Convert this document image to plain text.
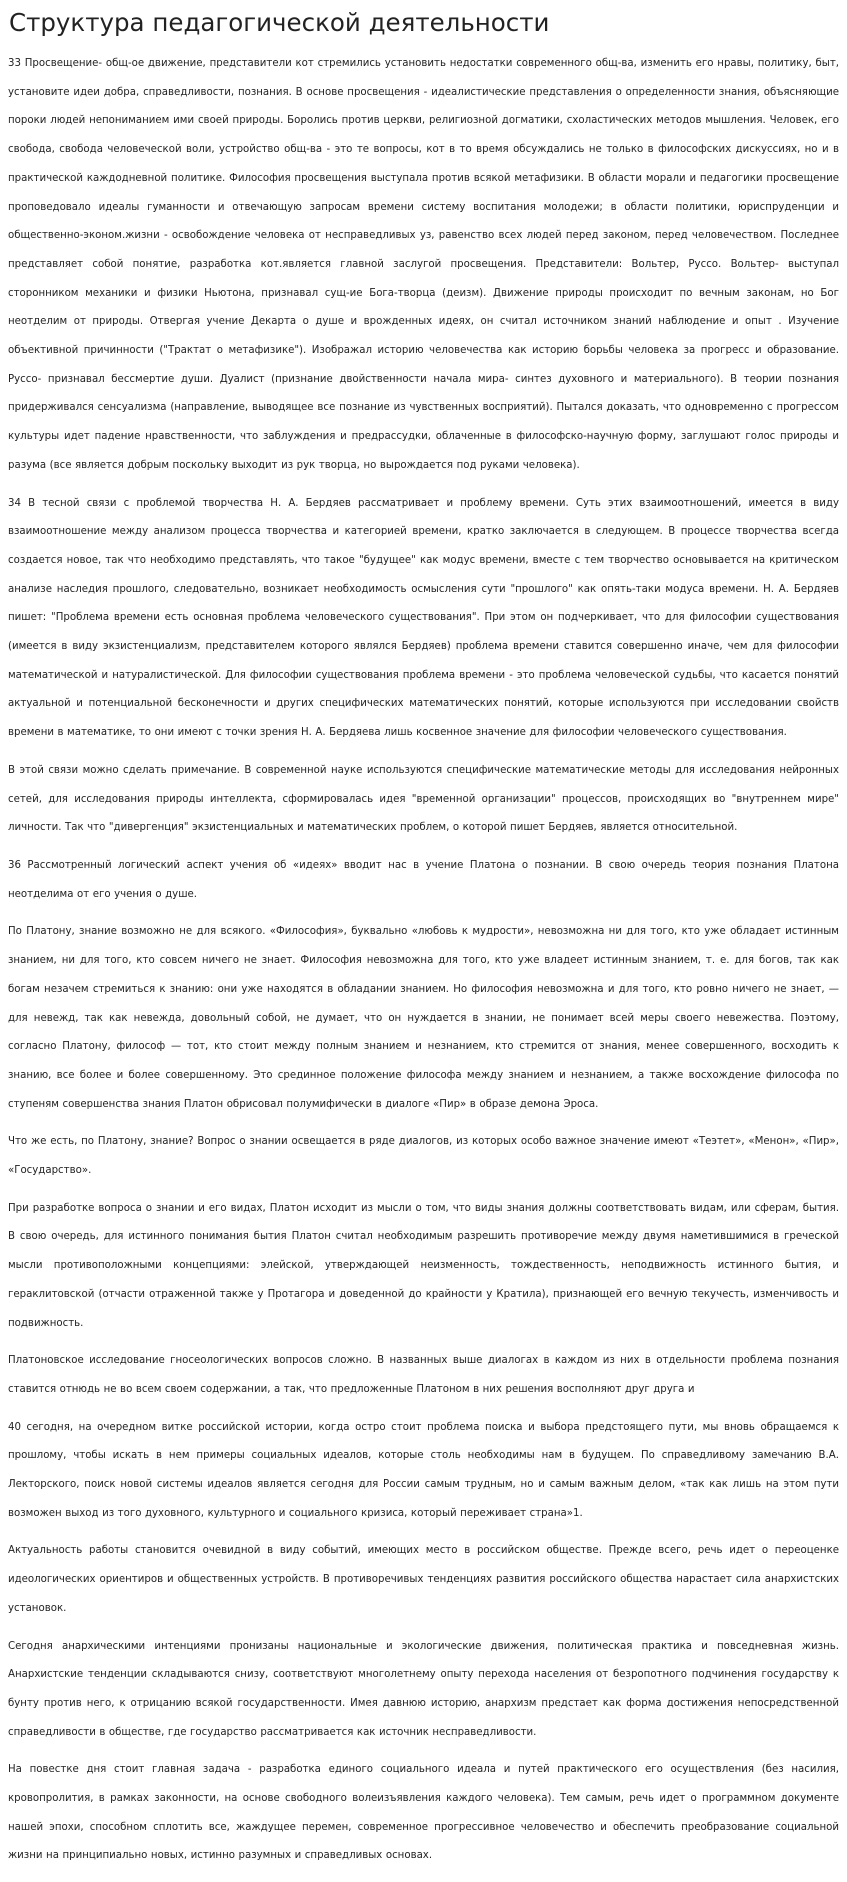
Структура педагогической деятельности

33 Просвещение- общ-ое движение, представители кот стремились установить недостатки современного общ-ва, изменить его нравы, политику, быт, установите идеи добра, справедливости, познания. В основе просвещения - идеалистические представления о определенности знания, объясняющие пороки людей непониманием ими своей природы. Боролись против церкви, религиозной догматики, схоластических методов мышления. Человек, его свобода, свобода человеческой воли, устройство общ-ва - это те вопросы, кот в то время обсуждались не только в философских дискуссиях, но и в практической каждодневной политике. Философия просвещения выступала против всякой метафизики. В области морали и педагогики просвещение проповедовало идеалы гуманности и отвечающую запросам времени систему воспитания молодежи; в области политики, юриспруденции и общественно-эконом.жизни - освобождение человека от несправедливых уз, равенство всех людей перед законом, перед человечеством. Последнее представляет собой понятие, разработка кот.является главной заслугой просвещения. Представители: Вольтер, Руссо. Вольтер- выступал сторонником механики и физики Ньютона, признавал сущ-ие Бога-творца (деизм). Движение природы происходит по вечным законам, но Бог неотделим от природы. Отвергая учение Декарта о душе и врожденных идеях, он считал источником знаний наблюдение и опыт . Изучение объективной причинности ("Трактат о метафизике"). Изображал историю человечества как историю борьбы человека за прогресс и образование. Руссо- признавал бессмертие души. Дуалист (признание двойственности начала мира- синтез духовного и материального). В теории познания придерживался сенсуализма (направление, выводящее все познание из чувственных восприятий). Пытался доказать, что одновременно с прогрессом культуры идет падение нравственности, что заблуждения и предрассудки, облаченные в философско-научную форму, заглушают голос природы и разума (все является добрым поскольку выходит из рук творца, но вырождается под руками человека).

34 В тесной связи с проблемой творчества Н. А. Бердяев рассматривает и проблему времени. Суть этих взаимоотношений, имеется в виду взаимоотношение между анализом процесса творчества и категорией времени, кратко заключается в следующем. В процессе творчества всегда создается новое, так что необходимо представлять, что такое "будущее" как модус времени, вместе с тем творчество основывается на критическом анализе наследия прошлого, следовательно, возникает необходимость осмысления сути "прошлого" как опять-таки модуса времени. Н. А. Бердяев пишет: "Проблема времени есть основная проблема человеческого существования". При этом он подчеркивает, что для философии существования (имеется в виду экзистенциализм, представителем которого являлся Бердяев) проблема времени ставится совершенно иначе, чем для философии математической и натуралистической. Для философии существования проблема времени - это проблема человеческой судьбы, что касается понятий актуальной и потенциальной бесконечности и других специфических математических понятий, которые используются при исследовании свойств времени в математике, то они имеют с точки зрения Н. А. Бердяева лишь косвенное значение для философии человеческого существования.

В этой связи можно сделать примечание. В современной науке используются специфические математические методы для исследования нейронных сетей, для исследования природы интеллекта, сформировалась идея "временной организации" процессов, происходящих во "внутреннем мире" личности. Так что "дивергенция" экзистенциальных и математических проблем, о которой пишет Бердяев, является относительной.

36 Рассмотренный логический аспект учения об «идеях» вводит нас в учение Платона о познании. В свою очередь теория познания Платона неотделима от его учения о душе.

По Платону, знание возможно не для всякого. «Философия», буквально «любовь к мудрости», невозможна ни для того, кто уже обладает истинным знанием, ни для того, кто совсем ничего не знает. Философия невозможна для того, кто уже владеет истинным знанием, т. е. для богов, так как богам незачем стремиться к знанию: они уже находятся в обладании знанием. Но философия невозможна и для того, кто ровно ничего не знает, — для невежд, так как невежда, довольный собой, не думает, что он нуждается в знании, не понимает всей меры своего невежества. Поэтому, согласно Платону, философ — тот, кто стоит между полным знанием и незнанием, кто стремится от знания, менее совершенного, восходить к знанию, все более и более совершенному. Это срединное положение философа между знанием и незнанием, а также восхождение философа по ступеням совершенства знания Платон обрисовал полумифически в диалоге «Пир» в образе демона Эроса.

Что же есть, по Платону, знание? Вопрос о знании освещается в ряде диалогов, из которых особо важное значение имеют «Теэтет», «Менон», «Пир», «Государство».

При разработке вопроса о знании и его видах, Платон исходит из мысли о том, что виды знания должны соответствовать видам, или сферам, бытия. В свою очередь, для истинного понимания бытия Платон считал необходимым разрешить противоречие между двумя наметившимися в греческой мысли противоположными концепциями: элейской, утверждающей неизменность, тождественность, неподвижность истинного бытия, и гераклитовской (отчасти отраженной также у Протагора и доведенной до крайности у Кратила), признающей его вечную текучесть, изменчивость и подвижность.

Платоновское исследование гносеологических вопросов сложно. В названных выше диалогах в каждом из них в отдельности проблема познания ставится отнюдь не во всем своем содержании, а так, что предложенные Платоном в них решения восполняют друг друга и

40 сегодня, на очередном витке российской истории, когда остро стоит проблема поиска и выбора предстоящего пути, мы вновь обращаемся к прошлому, чтобы искать в нем примеры социальных идеалов, которые столь необходимы нам в будущем. По справедливому замечанию В.А. Лекторского, поиск новой системы идеалов является сегодня для России самым трудным, но и самым важным делом, «так как лишь на этом пути возможен выход из того духовного, культурного и социального кризиса, который переживает страна»1.

Актуальность работы становится очевидной в виду событий, имеющих место в российском обществе. Прежде всего, речь идет о переоценке идеологических ориентиров и общественных устройств. В противоречивых тенденциях развития российского общества нарастает сила анархистских установок.

Сегодня анархическими интенциями пронизаны национальные и экологические движения, политическая практика и повседневная жизнь. Анархистские тенденции складываются снизу, соответствуют многолетнему опыту перехода населения от безропотного подчинения государству к бунту против него, к отрицанию всякой государственности. Имея давнюю историю, анархизм предстает как форма достижения непосредственной справедливости в обществе, где государство рассматривается как источник несправедливости.

На повестке дня стоит главная задача - разработка единого социального идеала и путей практического его осуществления (без насилия, кровопролития, в рамках законности, на основе свободного волеизъявления каждого человека). Тем самым, речь идет о программном документе нашей эпохи, способном сплотить все, жаждущее перемен, современное прогрессивное человечество и обеспечить преобразование социальной жизни на принципиально новых, истинно разумных и справедливых основах.
